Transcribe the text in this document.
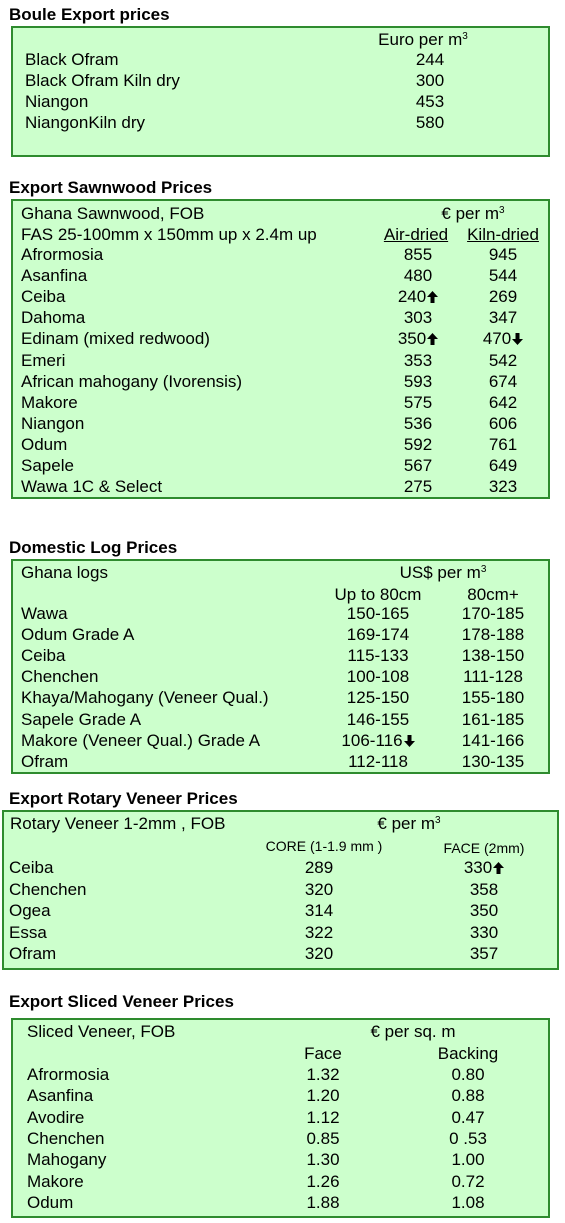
Boule Export prices
Euro per $m^3$
Black Ofram	244
Black Ofram Kiln dry	300
Niangon	453
NiangonKiln dry	580
Export Sawnwood Prices
Ghana Sawnwood, FOB
FAS 25-100mm x 150mm up x 2.4m up
€ per $m^3$
Air-dried	Kiln-dried
Afrormosia	855	945
Asanfina	480	544
Ceiba	240	269
Dahoma	303	347
Edinam (mixed redwood)	350	470
Emeri	353	542
African mahogany (Ivorensis)	593	674
Makore	575	642
Niangon	536	606
Odum	592	761
Sapele	567	649
Wawa 1C & Select	275	323
Domestic Log Prices
Ghana logs	US$ per $m^3$
Up to 80cm	80cm+
Wawa	150-165	170-185
Odum Grade A	169-174	178-188
Ceiba	115-133	138-150
Chenchen	100-108	111-128
Khaya/Mahogany (Veneer Qual.)	125-150	155-180
Sapele Grade A	146-155	161-185
Makore (Veneer Qual.) Grade A	106-116	141-166
Ofram	112-118	130-135
Export Rotary Veneer Prices
Rotary Veneer 1-2mm , FOB	€ per $m^3$
CORE (1-1.9 mm )	FACE (2mm)
Ceiba	289	330
Chenchen	320	358
Ogea	314	350
Essa	322	330
Ofram	320	357
Export Sliced Veneer Prices
Sliced Veneer, FOB	€ per sq. m
Face	Backing
Afrormosia	1.32	0.80
Asanfina	1.20	0.88
Avodire	1.12	0.47
Chenchen	0.85	0 .53
Mahogany	1.30	1.00
Makore	1.26	0.72
Odum	1.88	1.08
